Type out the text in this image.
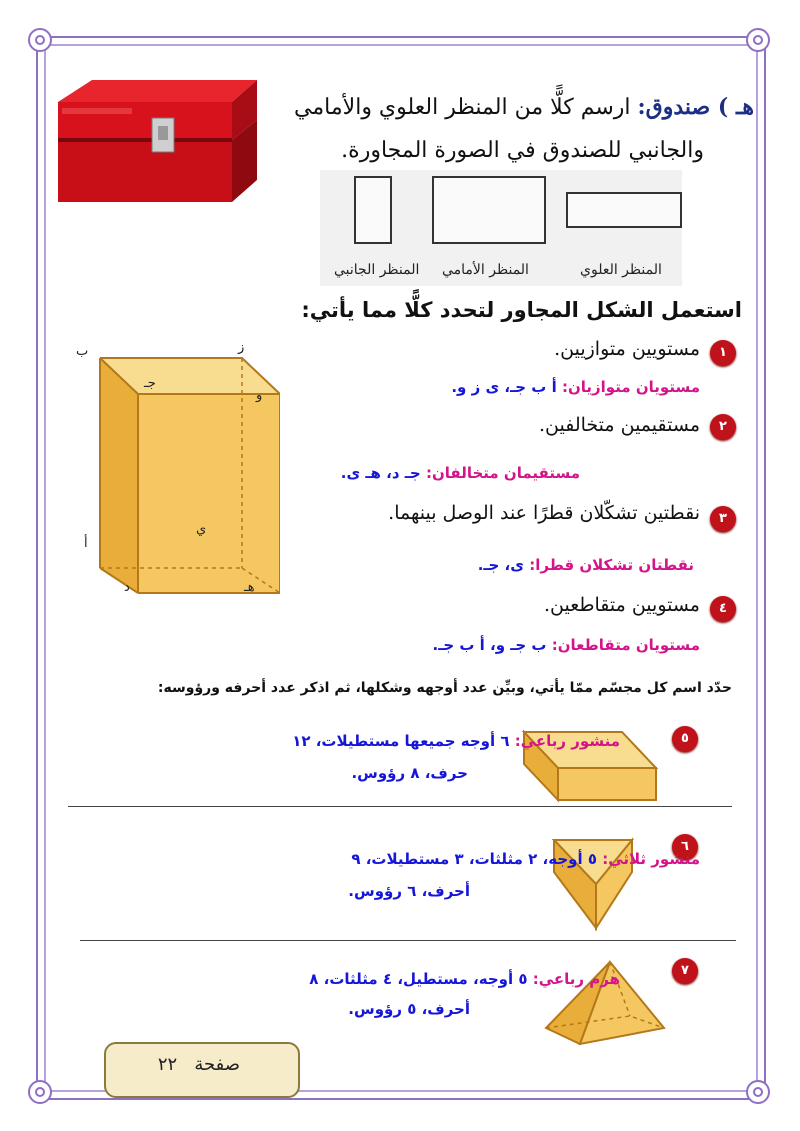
هـ ) صندوق: ارسم كلًّا من المنظر العلوي والأمامي
والجانبي للصندوق في الصورة المجاورة.
المنظر الجانبي المنظر الأمامي	المنظر العلوي
استعمل الشكل المجاور لتحدد كلًّا مما يأتي:
ب	ز
جـ
و
ي
أ
د	هـ
١
مستويين متوازيين.
مستويان متوازيان: أ ب جـ، ى ز و.
٢
مستقيمين متخالفين.
مستقيمان متخالفان: جـ د، هـ ى.
٣
نقطتين تشكّلان قطرًا عند الوصل بينهما.
نقطتان تشكلان قطرا: ى، جـ.
٤
مستويين متقاطعين.
مستويان متقاطعان: ب جـ و، أ ب جـ.
حدّد اسم كل مجسّم ممّا يأتي، وبيِّن عدد أوجهه وشكلها، ثم اذكر عدد أحرفه ورؤوسه:
٥
منشور رباعي: ٦ أوجه جميعها مستطيلات، ١٢
حرف، ٨ رؤوس.
٦
منشور ثلاثي: ٥ أوجه، ٢ مثلثات، ٣ مستطيلات، ٩
أحرف، ٦ رؤوس.
٧
هرم رباعي: ٥ أوجه، مستطيل، ٤ مثلثات، ٨
أحرف، ٥ رؤوس.
صفحة   ٢٢
